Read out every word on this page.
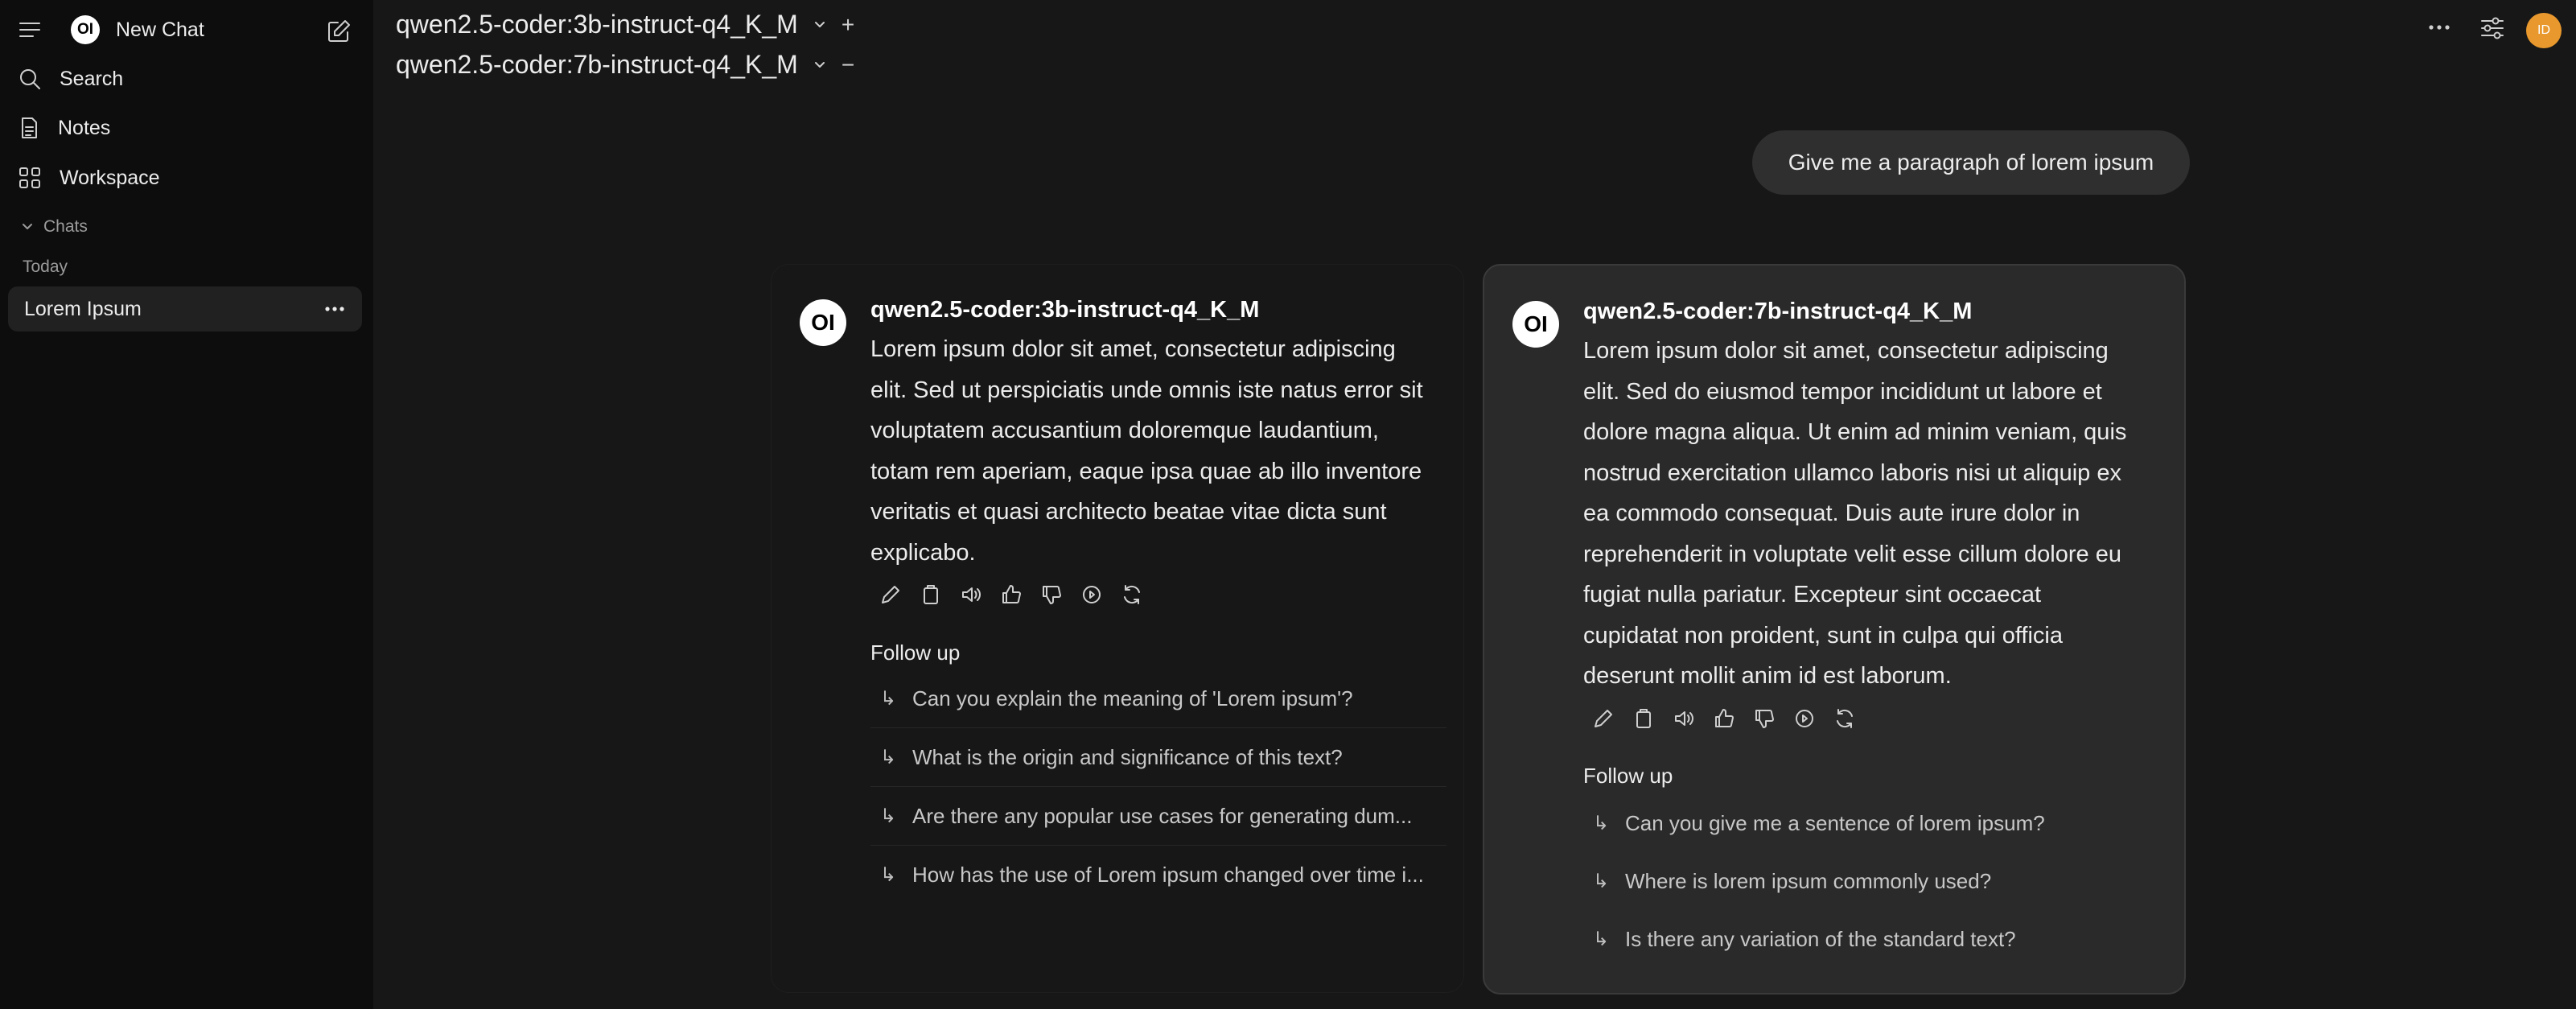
OI	New Chat
Search
Notes
Workspace
Chats
Today
Lorem Ipsum
qwen2.5-coder:3b-instruct-q4_K_M +
qwen2.5-coder:7b-instruct-q4_K_M −
ID
Give me a paragraph of lorem ipsum
OI	qwen2.5-coder:3b-instruct-q4_K_M
Lorem ipsum dolor sit amet, consectetur adipiscing
elit. Sed ut perspiciatis unde omnis iste natus error sit
voluptatem accusantium doloremque laudantium,
totam rem aperiam, eaque ipsa quae ab illo inventore
veritatis et quasi architecto beatae vitae dicta sunt
explicabo.
Follow up
↳ Can you explain the meaning of 'Lorem ipsum'?
↳ What is the origin and significance of this text?
↳ Are there any popular use cases for generating dum...
↳ How has the use of Lorem ipsum changed over time i...
OI	qwen2.5-coder:7b-instruct-q4_K_M
Lorem ipsum dolor sit amet, consectetur adipiscing
elit. Sed do eiusmod tempor incididunt ut labore et
dolore magna aliqua. Ut enim ad minim veniam, quis
nostrud exercitation ullamco laboris nisi ut aliquip ex
ea commodo consequat. Duis aute irure dolor in
reprehenderit in voluptate velit esse cillum dolore eu
fugiat nulla pariatur. Excepteur sint occaecat
cupidatat non proident, sunt in culpa qui officia
deserunt mollit anim id est laborum.
Follow up
↳ Can you give me a sentence of lorem ipsum?
↳ Where is lorem ipsum commonly used?
↳ Is there any variation of the standard text?
